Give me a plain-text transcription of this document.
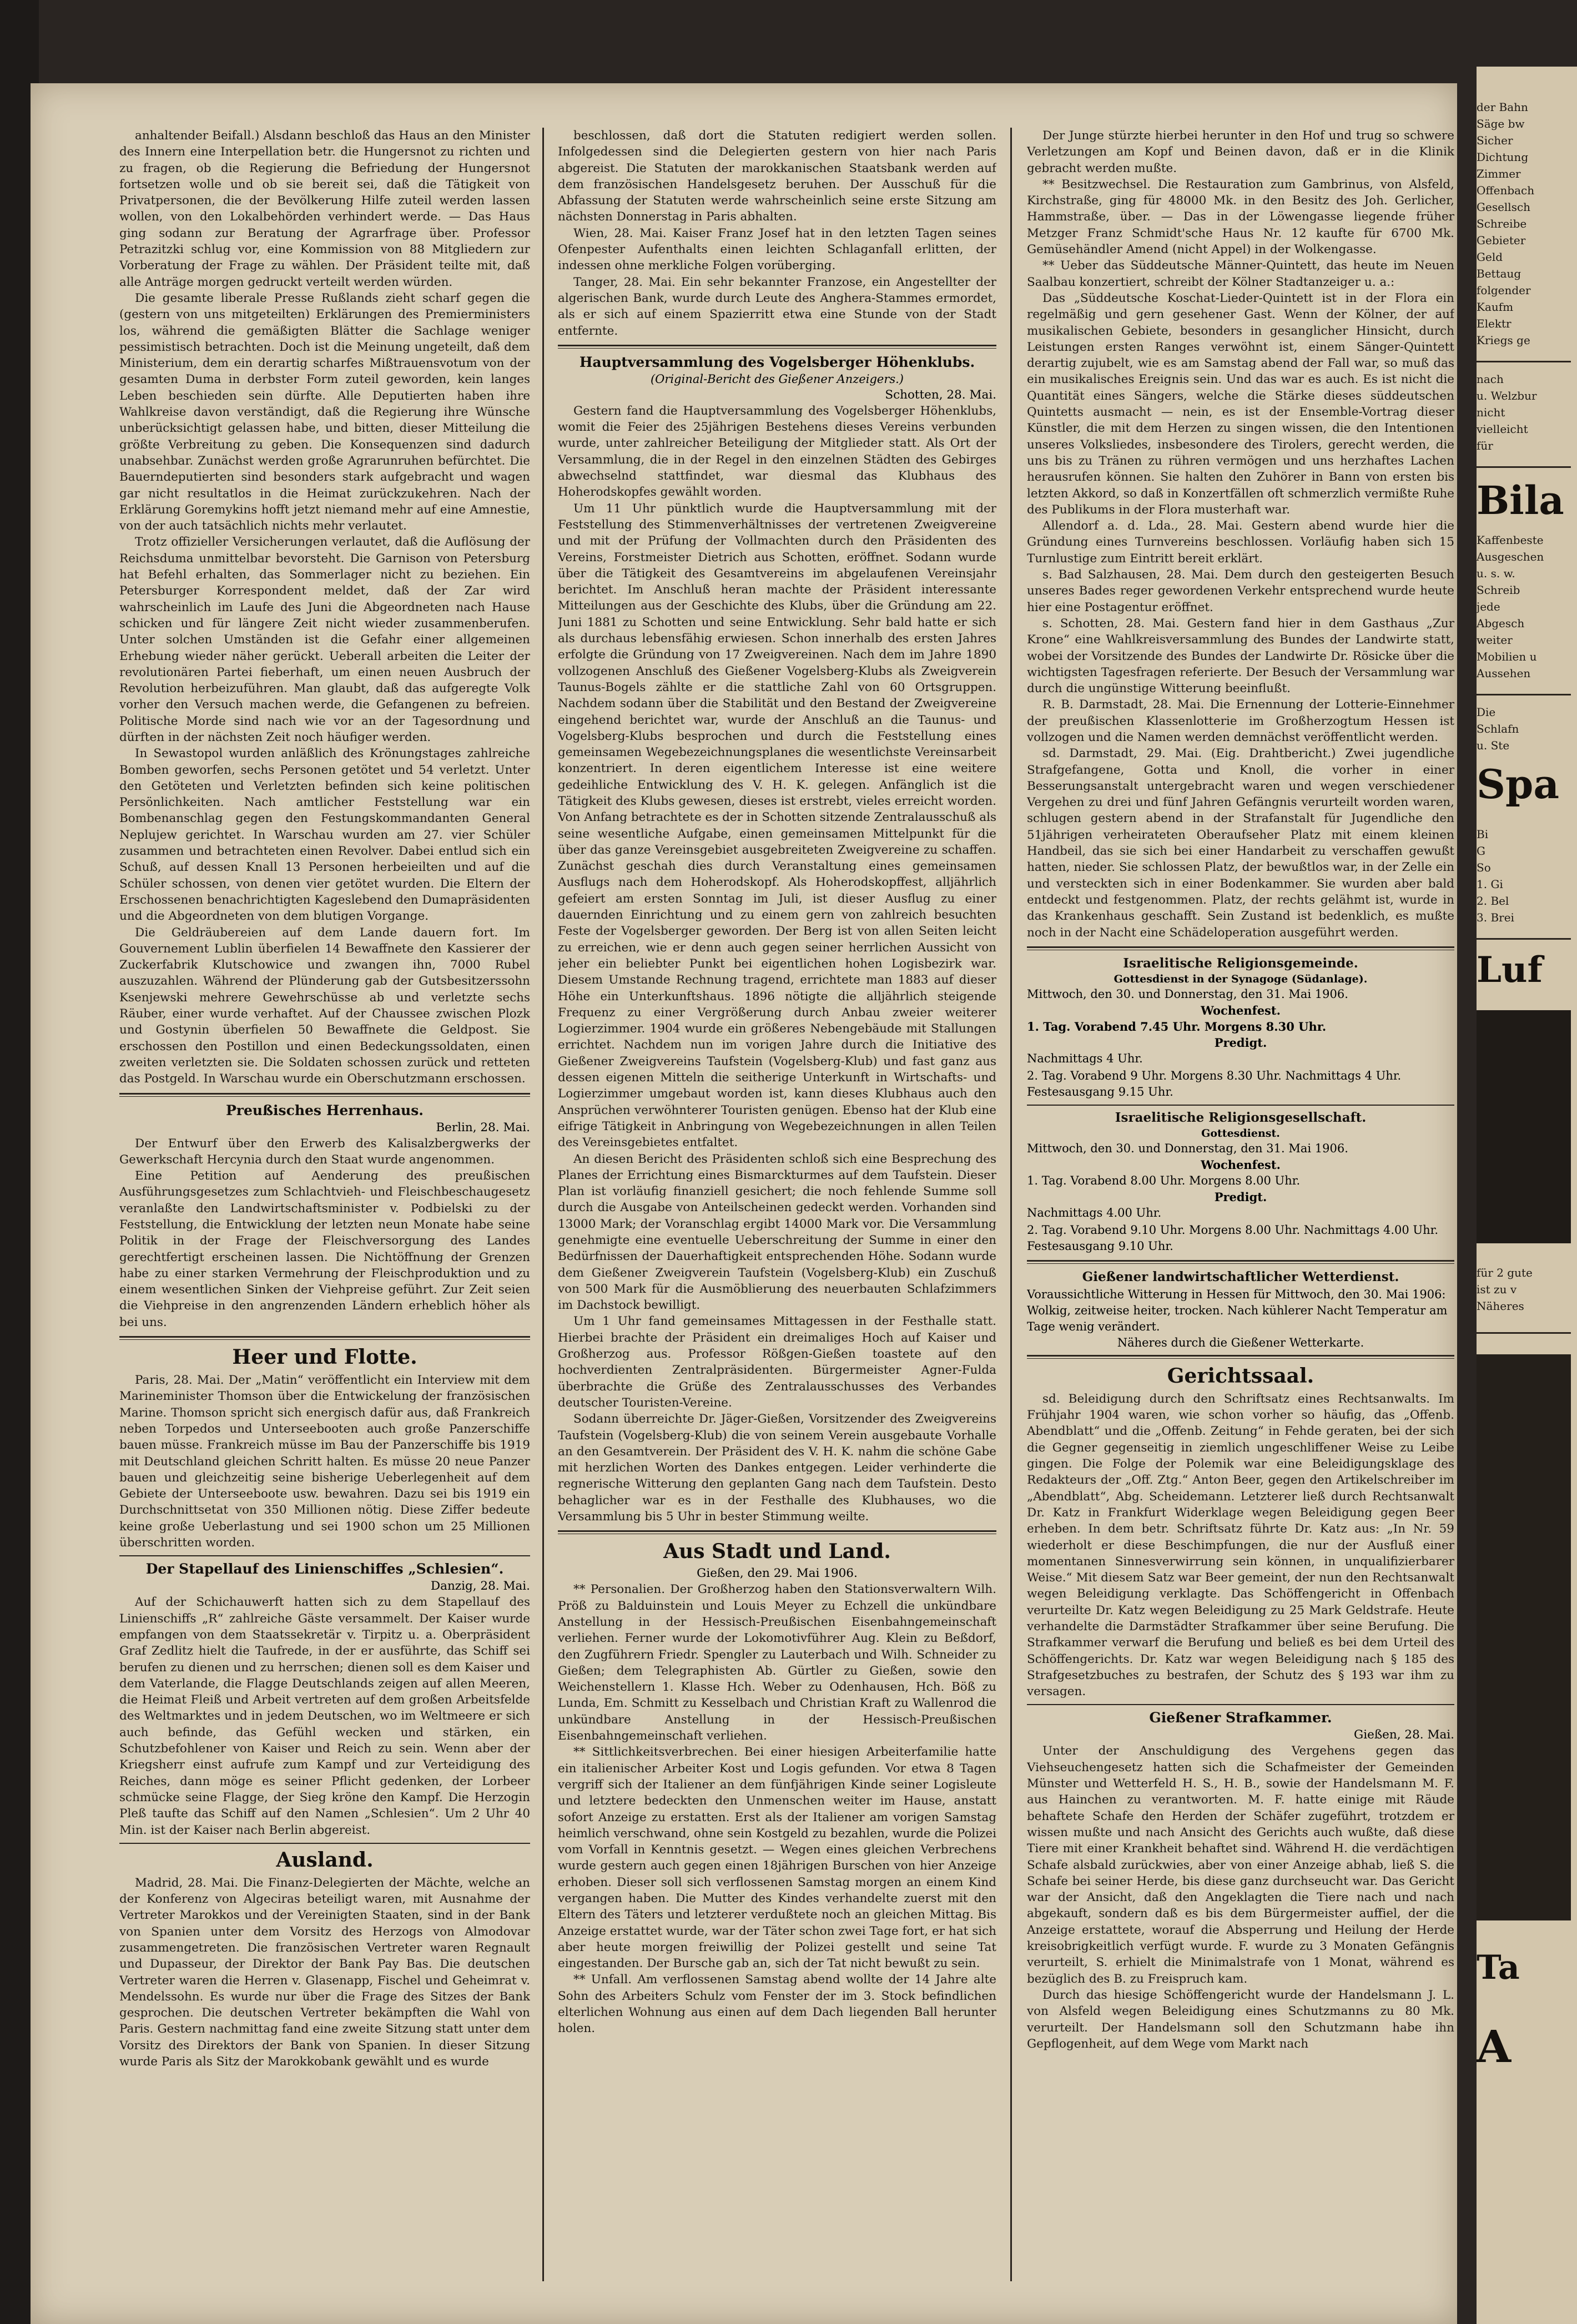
anhaltender Beifall.) Alsdann beschloß das Haus an den Minister des Innern eine Interpellation betr. die Hungersnot zu richten und zu fragen, ob die Regierung die Befriedung der Hungersnot fortsetzen wolle und ob sie bereit sei, daß die Tätigkeit von Privatpersonen, die der Bevölkerung Hilfe zuteil werden lassen wollen, von den Lokalbehörden verhindert werde. — Das Haus ging sodann zur Beratung der Agrarfrage über. Professor Petrazitzki schlug vor, eine Kommission von 88 Mitgliedern zur Vorberatung der Frage zu wählen. Der Präsident teilte mit, daß alle Anträge morgen gedruckt verteilt werden würden.

Die gesamte liberale Presse Rußlands zieht scharf gegen die (gestern von uns mitgeteilten) Erklärungen des Premierministers los, während die gemäßigten Blätter die Sachlage weniger pessimistisch betrachten. Doch ist die Meinung ungeteilt, daß dem Ministerium, dem ein derartig scharfes Mißtrauensvotum von der gesamten Duma in derbster Form zuteil geworden, kein langes Leben beschieden sein dürfte. Alle Deputierten haben ihre Wahlkreise davon verständigt, daß die Regierung ihre Wünsche unberücksichtigt gelassen habe, und bitten, dieser Mitteilung die größte Verbreitung zu geben. Die Konsequenzen sind dadurch unabsehbar. Zunächst werden große Agrarunruhen befürchtet. Die Bauerndeputierten sind besonders stark aufgebracht und wagen gar nicht resultatlos in die Heimat zurückzukehren. Nach der Erklärung Goremykins hofft jetzt niemand mehr auf eine Amnestie, von der auch tatsächlich nichts mehr verlautet.

Trotz offizieller Versicherungen verlautet, daß die Auflösung der Reichsduma unmittelbar bevorsteht. Die Garnison von Petersburg hat Befehl erhalten, das Sommerlager nicht zu beziehen. Ein Petersburger Korrespondent meldet, daß der Zar wird wahrscheinlich im Laufe des Juni die Abgeordneten nach Hause schicken und für längere Zeit nicht wieder zusammenberufen. Unter solchen Umständen ist die Gefahr einer allgemeinen Erhebung wieder näher gerückt. Ueberall arbeiten die Leiter der revolutionären Partei fieberhaft, um einen neuen Ausbruch der Revolution herbeizuführen. Man glaubt, daß das aufgeregte Volk vorher den Versuch machen werde, die Gefangenen zu befreien. Politische Morde sind nach wie vor an der Tagesordnung und dürften in der nächsten Zeit noch häufiger werden.

In Sewastopol wurden anläßlich des Krönungstages zahlreiche Bomben geworfen, sechs Personen getötet und 54 verletzt. Unter den Getöteten und Verletzten befinden sich keine politischen Persönlichkeiten. Nach amtlicher Feststellung war ein Bombenanschlag gegen den Festungskommandanten General Neplujew gerichtet. In Warschau wurden am 27. vier Schüler zusammen und betrachteten einen Revolver. Dabei entlud sich ein Schuß, auf dessen Knall 13 Personen herbeieilten und auf die Schüler schossen, von denen vier getötet wurden. Die Eltern der Erschossenen benachrichtigten Kageslebend den Dumapräsidenten und die Abgeordneten von dem blutigen Vorgange.

Die Geldräubereien auf dem Lande dauern fort. Im Gouvernement Lublin überfielen 14 Bewaffnete den Kassierer der Zuckerfabrik Klutschowice und zwangen ihn, 7000 Rubel auszuzahlen. Während der Plünderung gab der Gutsbesitzerssohn Ksenjewski mehrere Gewehrschüsse ab und verletzte sechs Räuber, einer wurde verhaftet. Auf der Chaussee zwischen Plozk und Gostynin überfielen 50 Bewaffnete die Geldpost. Sie erschossen den Postillon und einen Bedeckungssoldaten, einen zweiten verletzten sie. Die Soldaten schossen zurück und retteten das Postgeld. In Warschau wurde ein Oberschutzmann erschossen.

Preußisches Herrenhaus.
Berlin, 28. Mai.

Der Entwurf über den Erwerb des Kalisalzbergwerks der Gewerkschaft Hercynia durch den Staat wurde angenommen.

Eine Petition auf Aenderung des preußischen Ausführungsgesetzes zum Schlachtvieh- und Fleischbeschaugesetz veranlaßte den Landwirtschaftsminister v. Podbielski zu der Feststellung, die Entwicklung der letzten neun Monate habe seine Politik in der Frage der Fleischversorgung des Landes gerechtfertigt erscheinen lassen. Die Nichtöffnung der Grenzen habe zu einer starken Vermehrung der Fleischproduktion und zu einem wesentlichen Sinken der Viehpreise geführt. Zur Zeit seien die Viehpreise in den angrenzenden Ländern erheblich höher als bei uns.

Heer und Flotte.

Paris, 28. Mai. Der „Matin“ veröffentlicht ein Interview mit dem Marineminister Thomson über die Entwickelung der französischen Marine. Thomson spricht sich energisch dafür aus, daß Frankreich neben Torpedos und Unterseebooten auch große Panzerschiffe bauen müsse. Frankreich müsse im Bau der Panzerschiffe bis 1919 mit Deutschland gleichen Schritt halten. Es müsse 20 neue Panzer bauen und gleichzeitig seine bisherige Ueberlegenheit auf dem Gebiete der Unterseeboote usw. bewahren. Dazu sei bis 1919 ein Durchschnittsetat von 350 Millionen nötig. Diese Ziffer bedeute keine große Ueberlastung und sei 1900 schon um 25 Millionen überschritten worden.

Der Stapellauf des Linienschiffes „Schlesien“.
Danzig, 28. Mai.

Auf der Schichauwerft hatten sich zu dem Stapellauf des Linienschiffs „R“ zahlreiche Gäste versammelt. Der Kaiser wurde empfangen von dem Staatssekretär v. Tirpitz u. a. Oberpräsident Graf Zedlitz hielt die Taufrede, in der er ausführte, das Schiff sei berufen zu dienen und zu herrschen; dienen soll es dem Kaiser und dem Vaterlande, die Flagge Deutschlands zeigen auf allen Meeren, die Heimat Fleiß und Arbeit vertreten auf dem großen Arbeitsfelde des Weltmarktes und in jedem Deutschen, wo im Weltmeere er sich auch befinde, das Gefühl wecken und stärken, ein Schutzbefohlener von Kaiser und Reich zu sein. Wenn aber der Kriegsherr einst aufrufe zum Kampf und zur Verteidigung des Reiches, dann möge es seiner Pflicht gedenken, der Lorbeer schmücke seine Flagge, der Sieg kröne den Kampf. Die Herzogin Pleß taufte das Schiff auf den Namen „Schlesien“. Um 2 Uhr 40 Min. ist der Kaiser nach Berlin abgereist.

Ausland.

Madrid, 28. Mai. Die Finanz-Delegierten der Mächte, welche an der Konferenz von Algeciras beteiligt waren, mit Ausnahme der Vertreter Marokkos und der Vereinigten Staaten, sind in der Bank von Spanien unter dem Vorsitz des Herzogs von Almodovar zusammengetreten. Die französischen Vertreter waren Regnault und Dupasseur, der Direktor der Bank Pay Bas. Die deutschen Vertreter waren die Herren v. Glasenapp, Fischel und Geheimrat v. Mendelssohn. Es wurde nur über die Frage des Sitzes der Bank gesprochen. Die deutschen Vertreter bekämpften die Wahl von Paris. Gestern nachmittag fand eine zweite Sitzung statt unter dem Vorsitz des Direktors der Bank von Spanien. In dieser Sitzung wurde Paris als Sitz der Marokkobank gewählt und es wurde

beschlossen, daß dort die Statuten redigiert werden sollen. Infolgedessen sind die Delegierten gestern von hier nach Paris abgereist. Die Statuten der marokkanischen Staatsbank werden auf dem französischen Handelsgesetz beruhen. Der Ausschuß für die Abfassung der Statuten werde wahrscheinlich seine erste Sitzung am nächsten Donnerstag in Paris abhalten.

Wien, 28. Mai. Kaiser Franz Josef hat in den letzten Tagen seines Ofenpester Aufenthalts einen leichten Schlaganfall erlitten, der indessen ohne merkliche Folgen vorüberging.

Tanger, 28. Mai. Ein sehr bekannter Franzose, ein Angestellter der algerischen Bank, wurde durch Leute des Anghera-Stammes ermordet, als er sich auf einem Spazierritt etwa eine Stunde von der Stadt entfernte.

Hauptversammlung des Vogelsberger Höhenklubs.
(Original-Bericht des Gießener Anzeigers.)
Schotten, 28. Mai.

Gestern fand die Hauptversammlung des Vogelsberger Höhenklubs, womit die Feier des 25jährigen Bestehens dieses Vereins verbunden wurde, unter zahlreicher Beteiligung der Mitglieder statt. Als Ort der Versammlung, die in der Regel in den einzelnen Städten des Gebirges abwechselnd stattfindet, war diesmal das Klubhaus des Hoherodskopfes gewählt worden.

Um 11 Uhr pünktlich wurde die Hauptversammlung mit der Feststellung des Stimmenverhältnisses der vertretenen Zweigvereine und mit der Prüfung der Vollmachten durch den Präsidenten des Vereins, Forstmeister Dietrich aus Schotten, eröffnet. Sodann wurde über die Tätigkeit des Gesamtvereins im abgelaufenen Vereinsjahr berichtet. Im Anschluß heran machte der Präsident interessante Mitteilungen aus der Geschichte des Klubs, über die Gründung am 22. Juni 1881 zu Schotten und seine Entwicklung. Sehr bald hatte er sich als durchaus lebensfähig erwiesen. Schon innerhalb des ersten Jahres erfolgte die Gründung von 17 Zweigvereinen. Nach dem im Jahre 1890 vollzogenen Anschluß des Gießener Vogelsberg-Klubs als Zweigverein Taunus-Bogels zählte er die stattliche Zahl von 60 Ortsgruppen. Nachdem sodann über die Stabilität und den Bestand der Zweigvereine eingehend berichtet war, wurde der Anschluß an die Taunus- und Vogelsberg-Klubs besprochen und durch die Feststellung eines gemeinsamen Wegebezeichnungsplanes die wesentlichste Vereinsarbeit konzentriert. In deren eigentlichem Interesse ist eine weitere gedeihliche Entwicklung des V. H. K. gelegen. Anfänglich ist die Tätigkeit des Klubs gewesen, dieses ist erstrebt, vieles erreicht worden. Von Anfang betrachtete es der in Schotten sitzende Zentralausschuß als seine wesentliche Aufgabe, einen gemeinsamen Mittelpunkt für die über das ganze Vereinsgebiet ausgebreiteten Zweigvereine zu schaffen. Zunächst geschah dies durch Veranstaltung eines gemeinsamen Ausflugs nach dem Hoherodskopf. Als Hoherodskopffest, alljährlich gefeiert am ersten Sonntag im Juli, ist dieser Ausflug zu einer dauernden Einrichtung und zu einem gern von zahlreich besuchten Feste der Vogelsberger geworden. Der Berg ist von allen Seiten leicht zu erreichen, wie er denn auch gegen seiner herrlichen Aussicht von jeher ein beliebter Punkt bei eigentlichen hohen Logisbezirk war. Diesem Umstande Rechnung tragend, errichtete man 1883 auf dieser Höhe ein Unterkunftshaus. 1896 nötigte die alljährlich steigende Frequenz zu einer Vergrößerung durch Anbau zweier weiterer Logierzimmer. 1904 wurde ein größeres Nebengebäude mit Stallungen errichtet. Nachdem nun im vorigen Jahre durch die Initiative des Gießener Zweigvereins Taufstein (Vogelsberg-Klub) und fast ganz aus dessen eigenen Mitteln die seitherige Unterkunft in Wirtschafts- und Logierzimmer umgebaut worden ist, kann dieses Klubhaus auch den Ansprüchen verwöhnterer Touristen genügen. Ebenso hat der Klub eine eifrige Tätigkeit in Anbringung von Wegebezeichnungen in allen Teilen des Vereinsgebietes entfaltet.

An diesen Bericht des Präsidenten schloß sich eine Besprechung des Planes der Errichtung eines Bismarckturmes auf dem Taufstein. Dieser Plan ist vorläufig finanziell gesichert; die noch fehlende Summe soll durch die Ausgabe von Anteilscheinen gedeckt werden. Vorhanden sind 13000 Mark; der Voranschlag ergibt 14000 Mark vor. Die Versammlung genehmigte eine eventuelle Ueberschreitung der Summe in einer den Bedürfnissen der Dauerhaftigkeit entsprechenden Höhe. Sodann wurde dem Gießener Zweigverein Taufstein (Vogelsberg-Klub) ein Zuschuß von 500 Mark für die Ausmöblierung des neuerbauten Schlafzimmers im Dachstock bewilligt.

Um 1 Uhr fand gemeinsames Mittagessen in der Festhalle statt. Hierbei brachte der Präsident ein dreimaliges Hoch auf Kaiser und Großherzog aus. Professor Rößgen-Gießen toastete auf den hochverdienten Zentralpräsidenten. Bürgermeister Agner-Fulda überbrachte die Grüße des Zentralausschusses des Verbandes deutscher Touristen-Vereine.

Sodann überreichte Dr. Jäger-Gießen, Vorsitzender des Zweigvereins Taufstein (Vogelsberg-Klub) die von seinem Verein ausgebaute Vorhalle an den Gesamtverein. Der Präsident des V. H. K. nahm die schöne Gabe mit herzlichen Worten des Dankes entgegen. Leider verhinderte die regnerische Witterung den geplanten Gang nach dem Taufstein. Desto behaglicher war es in der Festhalle des Klubhauses, wo die Versammlung bis 5 Uhr in bester Stimmung weilte.

Aus Stadt und Land.
Gießen, den 29. Mai 1906.

** Personalien. Der Großherzog haben den Stationsverwaltern Wilh. Pröß zu Balduinstein und Louis Meyer zu Echzell die unkündbare Anstellung in der Hessisch-Preußischen Eisenbahngemeinschaft verliehen. Ferner wurde der Lokomotivführer Aug. Klein zu Beßdorf, den Zugführern Friedr. Spengler zu Lauterbach und Wilh. Schneider zu Gießen; dem Telegraphisten Ab. Gürtler zu Gießen, sowie den Weichenstellern 1. Klasse Hch. Weber zu Odenhausen, Hch. Böß zu Lunda, Em. Schmitt zu Kesselbach und Christian Kraft zu Wallenrod die unkündbare Anstellung in der Hessisch-Preußischen Eisenbahngemeinschaft verliehen.

** Sittlichkeitsverbrechen. Bei einer hiesigen Arbeiterfamilie hatte ein italienischer Arbeiter Kost und Logis gefunden. Vor etwa 8 Tagen vergriff sich der Italiener an dem fünfjährigen Kinde seiner Logisleute und letztere bedeckten den Unmenschen weiter im Hause, anstatt sofort Anzeige zu erstatten. Erst als der Italiener am vorigen Samstag heimlich verschwand, ohne sein Kostgeld zu bezahlen, wurde die Polizei vom Vorfall in Kenntnis gesetzt. — Wegen eines gleichen Verbrechens wurde gestern auch gegen einen 18jährigen Burschen von hier Anzeige erhoben. Dieser soll sich verflossenen Samstag morgen an einem Kind vergangen haben. Die Mutter des Kindes verhandelte zuerst mit den Eltern des Täters und letzterer verdußtete noch an gleichen Mittag. Bis Anzeige erstattet wurde, war der Täter schon zwei Tage fort, er hat sich aber heute morgen freiwillig der Polizei gestellt und seine Tat eingestanden. Der Bursche gab an, sich der Tat nicht bewußt zu sein.

** Unfall. Am verflossenen Samstag abend wollte der 14 Jahre alte Sohn des Arbeiters Schulz vom Fenster der im 3. Stock befindlichen elterlichen Wohnung aus einen auf dem Dach liegenden Ball herunter holen.

Der Junge stürzte hierbei herunter in den Hof und trug so schwere Verletzungen am Kopf und Beinen davon, daß er in die Klinik gebracht werden mußte.

** Besitzwechsel. Die Restauration zum Gambrinus, von Alsfeld, Kirchstraße, ging für 48000 Mk. in den Besitz des Joh. Gerlicher, Hammstraße, über. — Das in der Löwengasse liegende früher Metzger Franz Schmidt'sche Haus Nr. 12 kaufte für 6700 Mk. Gemüsehändler Amend (nicht Appel) in der Wolkengasse.

** Ueber das Süddeutsche Männer-Quintett, das heute im Neuen Saalbau konzertiert, schreibt der Kölner Stadtanzeiger u. a.:

Das „Süddeutsche Koschat-Lieder-Quintett ist in der Flora ein regelmäßig und gern gesehener Gast. Wenn der Kölner, der auf musikalischen Gebiete, besonders in gesanglicher Hinsicht, durch Leistungen ersten Ranges verwöhnt ist, einem Sänger-Quintett derartig zujubelt, wie es am Samstag abend der Fall war, so muß das ein musikalisches Ereignis sein. Und das war es auch. Es ist nicht die Quantität eines Sängers, welche die Stärke dieses süddeutschen Quintetts ausmacht — nein, es ist der Ensemble-Vortrag dieser Künstler, die mit dem Herzen zu singen wissen, die den Intentionen unseres Volksliedes, insbesondere des Tirolers, gerecht werden, die uns bis zu Tränen zu rühren vermögen und uns herzhaftes Lachen herausrufen können. Sie halten den Zuhörer in Bann von ersten bis letzten Akkord, so daß in Konzertfällen oft schmerzlich vermißte Ruhe des Publikums in der Flora musterhaft war.

Allendorf a. d. Lda., 28. Mai. Gestern abend wurde hier die Gründung eines Turnvereins beschlossen. Vorläufig haben sich 15 Turnlustige zum Eintritt bereit erklärt.

s. Bad Salzhausen, 28. Mai. Dem durch den gesteigerten Besuch unseres Bades reger gewordenen Verkehr entsprechend wurde heute hier eine Postagentur eröffnet.

s. Schotten, 28. Mai. Gestern fand hier in dem Gasthaus „Zur Krone“ eine Wahlkreisversammlung des Bundes der Landwirte statt, wobei der Vorsitzende des Bundes der Landwirte Dr. Rösicke über die wichtigsten Tagesfragen referierte. Der Besuch der Versammlung war durch die ungünstige Witterung beeinflußt.

R. B. Darmstadt, 28. Mai. Die Ernennung der Lotterie-Einnehmer der preußischen Klassenlotterie im Großherzogtum Hessen ist vollzogen und die Namen werden demnächst veröffentlicht werden.

sd. Darmstadt, 29. Mai. (Eig. Drahtbericht.) Zwei jugendliche Strafgefangene, Gotta und Knoll, die vorher in einer Besserungsanstalt untergebracht waren und wegen verschiedener Vergehen zu drei und fünf Jahren Gefängnis verurteilt worden waren, schlugen gestern abend in der Strafanstalt für Jugendliche den 51jährigen verheirateten Oberaufseher Platz mit einem kleinen Handbeil, das sie sich bei einer Handarbeit zu verschaffen gewußt hatten, nieder. Sie schlossen Platz, der bewußtlos war, in der Zelle ein und versteckten sich in einer Bodenkammer. Sie wurden aber bald entdeckt und festgenommen. Platz, der rechts gelähmt ist, wurde in das Krankenhaus geschafft. Sein Zustand ist bedenklich, es mußte noch in der Nacht eine Schädeloperation ausgeführt werden.

Israelitische Religionsgemeinde.
Gottesdienst in der Synagoge (Südanlage).
Mittwoch, den 30. und Donnerstag, den 31. Mai 1906.
Wochenfest.
1. Tag. Vorabend 7.45 Uhr. Morgens 8.30 Uhr.
Predigt.
Nachmittags 4 Uhr.
2. Tag. Vorabend 9 Uhr. Morgens 8.30 Uhr. Nachmittags 4 Uhr. Festesausgang 9.15 Uhr.
Israelitische Religionsgesellschaft.
Gottesdienst.
Mittwoch, den 30. und Donnerstag, den 31. Mai 1906.
Wochenfest.
1. Tag. Vorabend 8.00 Uhr. Morgens 8.00 Uhr.
Predigt.
Nachmittags 4.00 Uhr.
2. Tag. Vorabend 9.10 Uhr. Morgens 8.00 Uhr. Nachmittags 4.00 Uhr. Festesausgang 9.10 Uhr.
Gießener landwirtschaftlicher Wetterdienst.
Voraussichtliche Witterung in Hessen für Mittwoch, den 30. Mai 1906: Wolkig, zeitweise heiter, trocken. Nach kühlerer Nacht Temperatur am Tage wenig verändert.
Näheres durch die Gießener Wetterkarte.
Gerichtssaal.

sd. Beleidigung durch den Schriftsatz eines Rechtsanwalts. Im Frühjahr 1904 waren, wie schon vorher so häufig, das „Offenb. Abendblatt“ und die „Offenb. Zeitung“ in Fehde geraten, bei der sich die Gegner gegenseitig in ziemlich ungeschliffener Weise zu Leibe gingen. Die Folge der Polemik war eine Beleidigungsklage des Redakteurs der „Off. Ztg.“ Anton Beer, gegen den Artikelschreiber im „Abendblatt“, Abg. Scheidemann. Letzterer ließ durch Rechtsanwalt Dr. Katz in Frankfurt Widerklage wegen Beleidigung gegen Beer erheben. In dem betr. Schriftsatz führte Dr. Katz aus: „In Nr. 59 wiederholt er diese Beschimpfungen, die nur der Ausfluß einer momentanen Sinnesverwirrung sein können, in unqualifizierbarer Weise.“ Mit diesem Satz war Beer gemeint, der nun den Rechtsanwalt wegen Beleidigung verklagte. Das Schöffengericht in Offenbach verurteilte Dr. Katz wegen Beleidigung zu 25 Mark Geldstrafe. Heute verhandelte die Darmstädter Strafkammer über seine Berufung. Die Strafkammer verwarf die Berufung und beließ es bei dem Urteil des Schöffengerichts. Dr. Katz war wegen Beleidigung nach § 185 des Strafgesetzbuches zu bestrafen, der Schutz des § 193 war ihm zu versagen.

Gießener Strafkammer.
Gießen, 28. Mai.

Unter der Anschuldigung des Vergehens gegen das Viehseuchengesetz hatten sich die Schafmeister der Gemeinden Münster und Wetterfeld H. S., H. B., sowie der Handelsmann M. F. aus Hainchen zu verantworten. M. F. hatte einige mit Räude behaftete Schafe den Herden der Schäfer zugeführt, trotzdem er wissen mußte und nach Ansicht des Gerichts auch wußte, daß diese Tiere mit einer Krankheit behaftet sind. Während H. die verdächtigen Schafe alsbald zurückwies, aber von einer Anzeige abhab, ließ S. die Schafe bei seiner Herde, bis diese ganz durchseucht war. Das Gericht war der Ansicht, daß den Angeklagten die Tiere nach und nach abgekauft, sondern daß es bis dem Bürgermeister auffiel, der die Anzeige erstattete, worauf die Absperrung und Heilung der Herde kreisobrigkeitlich verfügt wurde. F. wurde zu 3 Monaten Gefängnis verurteilt, S. erhielt die Minimalstrafe von 1 Monat, während es bezüglich des B. zu Freispruch kam.

Durch das hiesige Schöffengericht wurde der Handelsmann J. L. von Alsfeld wegen Beleidigung eines Schutzmanns zu 80 Mk. verurteilt. Der Handelsmann soll den Schutzmann habe ihn Gepflogenheit, auf dem Wege vom Markt nach

der Bahn
Säge bw
Sicher
Dichtung
Zimmer
Offenbach
Gesellsch
Schreibe
Gebieter
Geld
Bettaug
folgender
Kaufm
Elektr
Kriegs ge
nach
u. Welzbur
nicht
vielleicht
für
Bila
Kaffenbeste
Ausgeschen
u. s. w.
Schreib
jede
Abgesch
weiter
Mobilien u
Aussehen
Die
Schlafn
u. Ste
Spa
Bi
G
So
1. Gi
2. Bel
3. Brei
Luf
für 2 gute
ist zu v
Näheres
Ta
A
